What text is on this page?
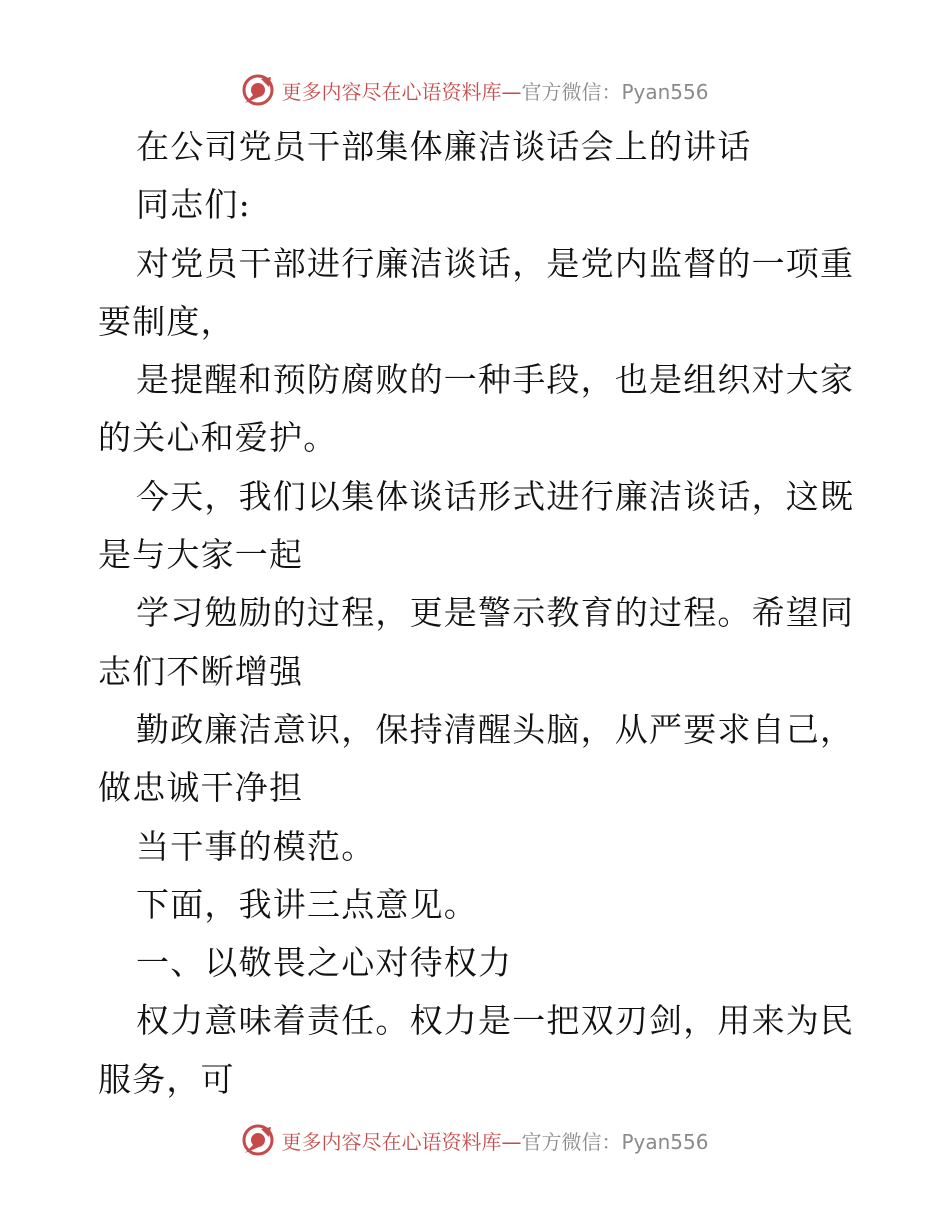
更多内容尽在心语资料库—官方微信：Pyan556
在公司党员干部集体廉洁谈话会上的讲话
同志们:
对党员干部进行廉洁谈话，是党内监督的一项重
要制度，
是提醒和预防腐败的一种手段，也是组织对大家
的关心和爱护。
今天，我们以集体谈话形式进行廉洁谈话，这既
是与大家一起
学习勉励的过程，更是警示教育的过程。希望同
志们不断增强
勤政廉洁意识，保持清醒头脑，从严要求自己，
做忠诚干净担
当干事的模范。
下面，我讲三点意见。
一、以敬畏之心对待权力
权力意味着责任。权力是一把双刃剑，用来为民
服务，可
更多内容尽在心语资料库—官方微信：Pyan556
